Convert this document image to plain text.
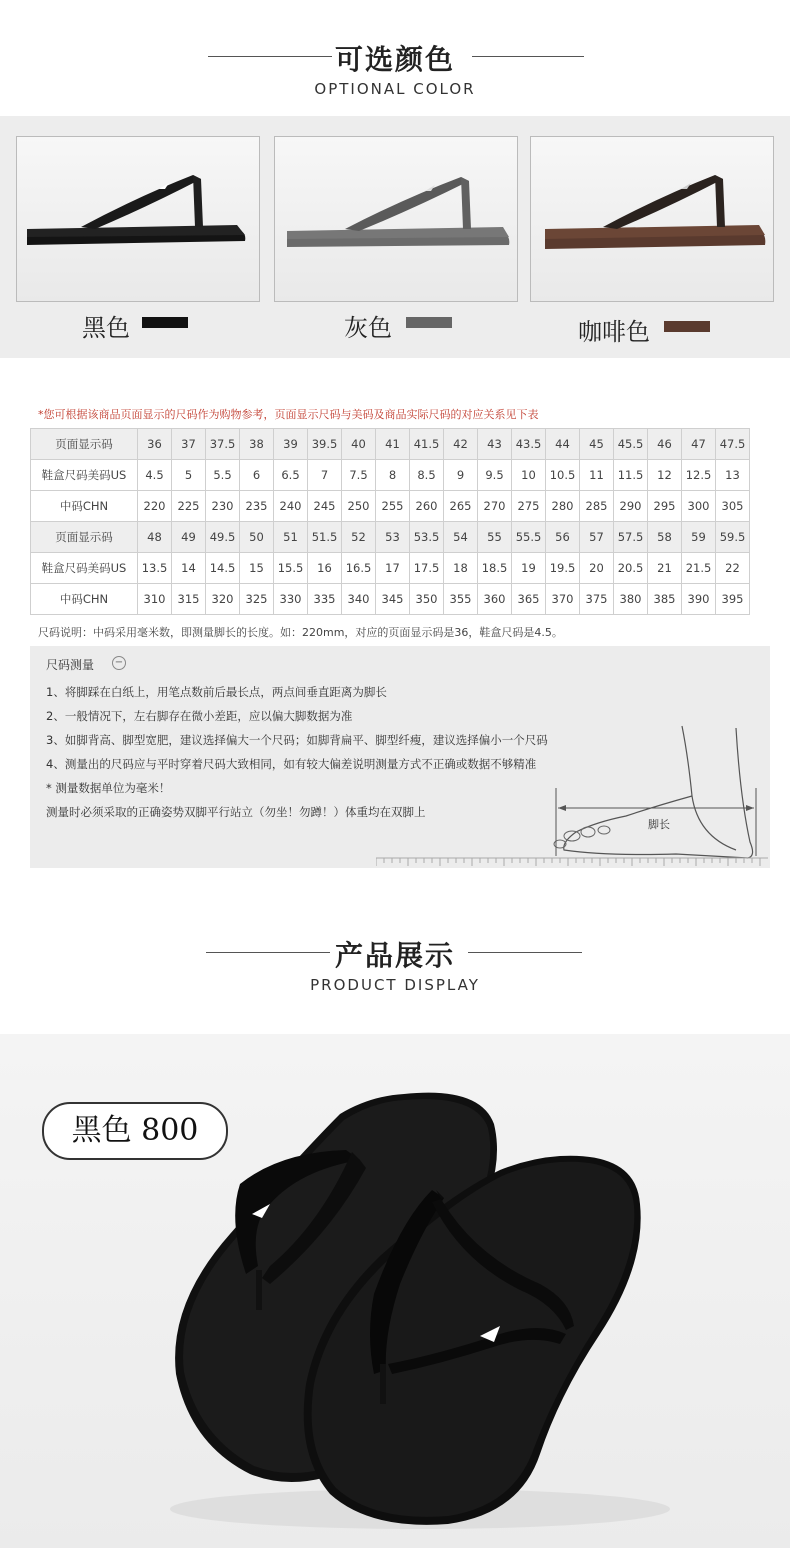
可选颜色
OPTIONAL COLOR
黑色	灰色	咖啡色
*您可根据该商品页面显示的尺码作为购物参考，页面显示尺码与美码及商品实际尺码的对应关系见下表
页面显示码	36	37	37.5	38	39	39.5	40	41	41.5	42	43	43.5	44	45	45.5	46	47	47.5
鞋盒尺码美码US	4.5	5	5.5	6	6.5	7	7.5	8	8.5	9	9.5	10	10.5	11	11.5	12	12.5	13
中码CHN	220	225	230	235	240	245	250	255	260	265	270	275	280	285	290	295	300	305
页面显示码	48	49	49.5	50	51	51.5	52	53	53.5	54	55	55.5	56	57	57.5	58	59	59.5
鞋盒尺码美码US	13.5	14	14.5	15	15.5	16	16.5	17	17.5	18	18.5	19	19.5	20	20.5	21	21.5	22
中码CHN	310	315	320	325	330	335	340	345	350	355	360	365	370	375	380	385	390	395
尺码说明：中码采用毫米数，即测量脚长的长度。如：220mm，对应的页面显示码是36，鞋盒尺码是4.5。
尺码测量 −
1、将脚踩在白纸上，用笔点数前后最长点，两点间垂直距离为脚长
2、一般情况下，左右脚存在微小差距，应以偏大脚数据为准
3、如脚背高、脚型宽肥，建议选择偏大一个尺码；如脚背扁平、脚型纤瘦，建议选择偏小一个尺码
4、测量出的尺码应与平时穿着尺码大致相同，如有较大偏差说明测量方式不正确或数据不够精准
* 测量数据单位为毫米！
测量时必须采取的正确姿势双脚平行站立（勿坐！勿蹲！）体重均在双脚上
脚长
产品展示
PRODUCT DISPLAY
黑色 800
